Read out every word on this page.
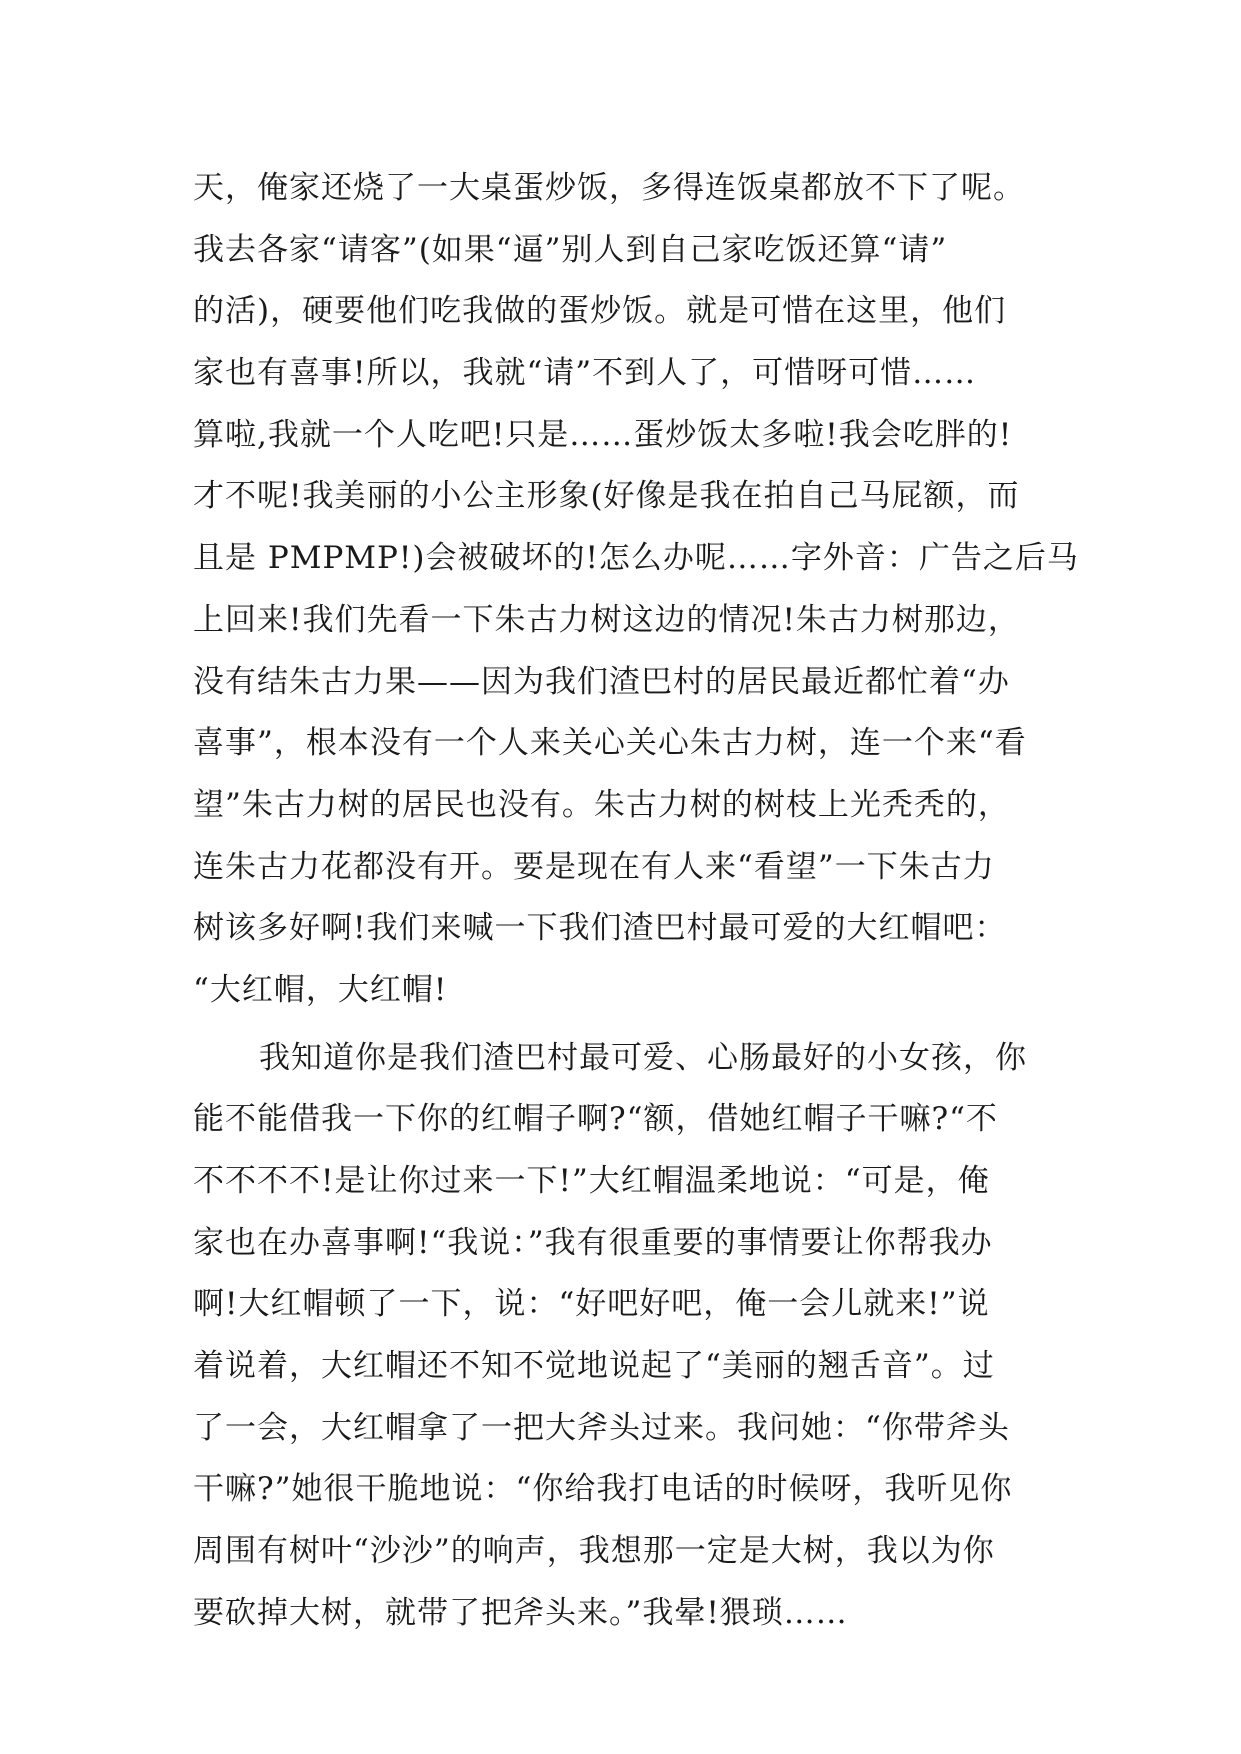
天，俺家还烧了一大桌蛋炒饭，多得连饭桌都放不下了呢。
我去各家“请客”(如果“逼”别人到自己家吃饭还算“请”
的活)，硬要他们吃我做的蛋炒饭。就是可惜在这里，他们
家也有喜事!所以，我就“请”不到人了，可惜呀可惜……
算啦,我就一个人吃吧!只是……蛋炒饭太多啦!我会吃胖的!
才不呢!我美丽的小公主形象(好像是我在拍自己马屁额，而
且是 PMPMP!)会被破坏的!怎么办呢……字外音：广告之后马
上回来!我们先看一下朱古力树这边的情况!朱古力树那边，
没有结朱古力果——因为我们渣巴村的居民最近都忙着“办
喜事”，根本没有一个人来关心关心朱古力树，连一个来“看
望”朱古力树的居民也没有。朱古力树的树枝上光秃秃的，
连朱古力花都没有开。要是现在有人来“看望”一下朱古力
树该多好啊!我们来喊一下我们渣巴村最可爱的大红帽吧：
“大红帽，大红帽!
我知道你是我们渣巴村最可爱、心肠最好的小女孩，你
能不能借我一下你的红帽子啊?“额，借她红帽子干嘛?“不
不不不不!是让你过来一下!”大红帽温柔地说：“可是，俺
家也在办喜事啊!“我说：”我有很重要的事情要让你帮我办
啊!大红帽顿了一下，说：“好吧好吧，俺一会儿就来!”说
着说着，大红帽还不知不觉地说起了“美丽的翘舌音”。过
了一会，大红帽拿了一把大斧头过来。我问她：“你带斧头
干嘛?”她很干脆地说：“你给我打电话的时候呀，我听见你
周围有树叶“沙沙”的响声，我想那一定是大树，我以为你
要砍掉大树，就带了把斧头来。”我晕!猥琐……
